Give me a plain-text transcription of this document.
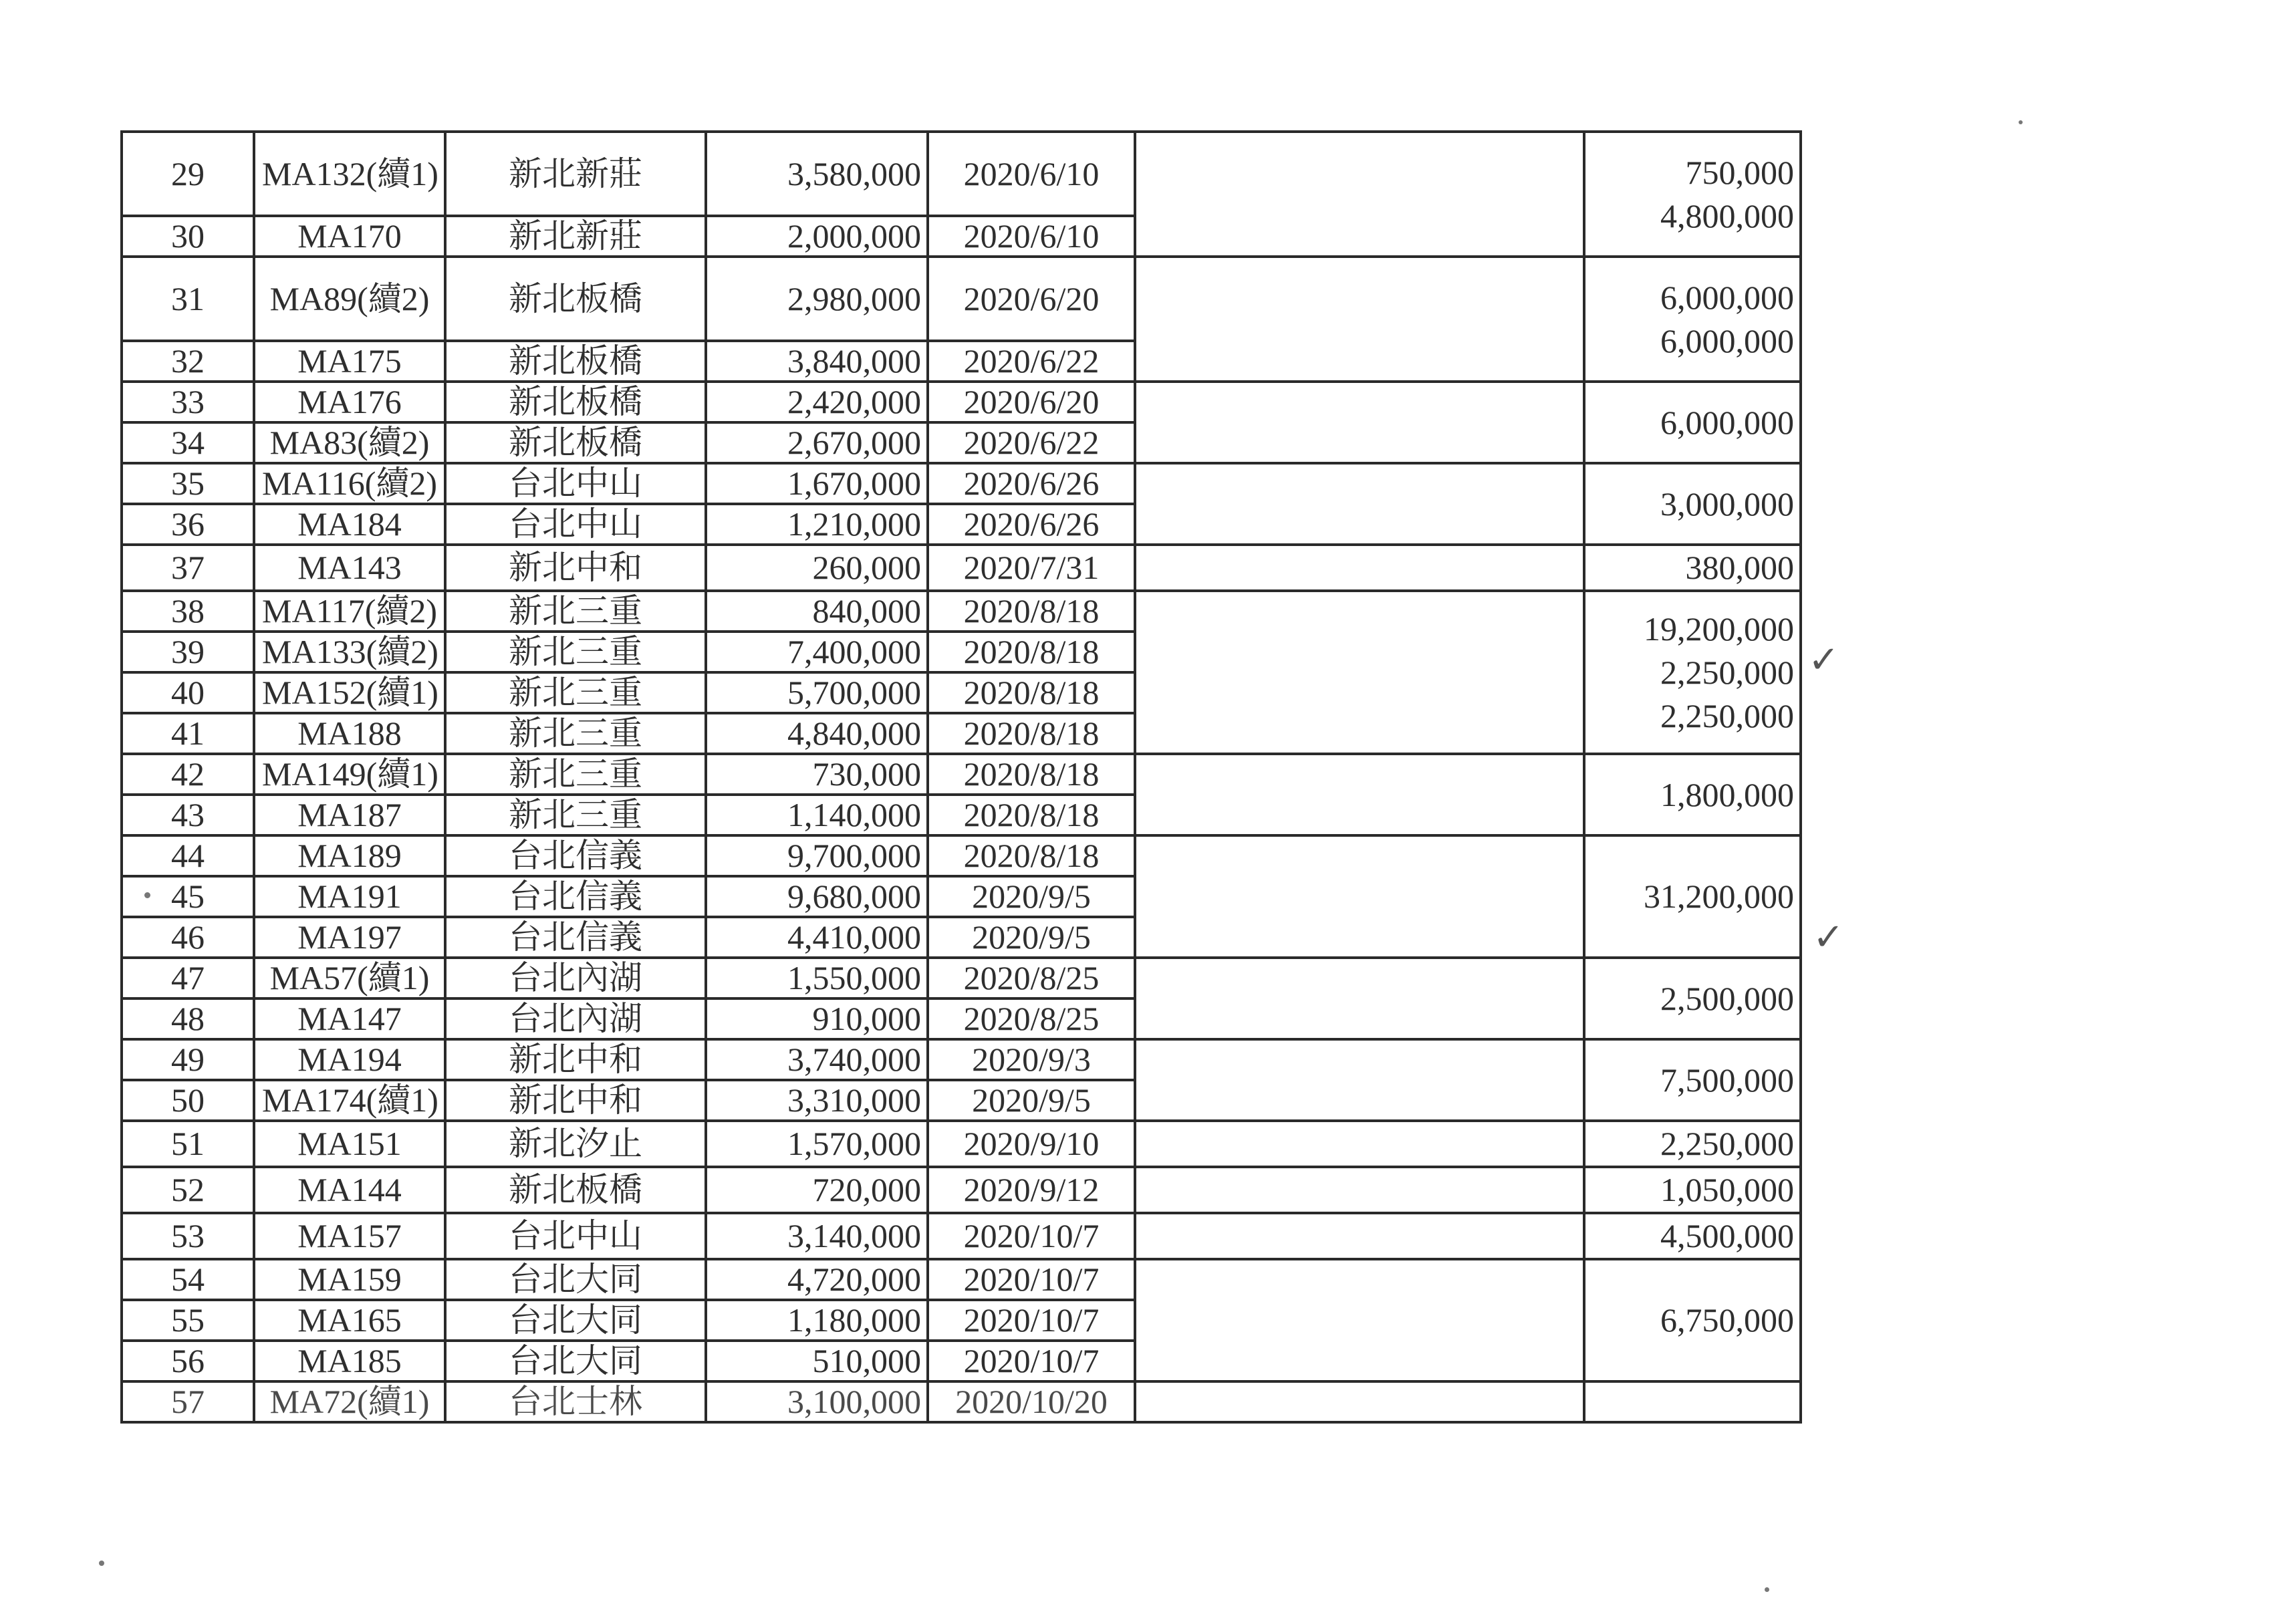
29	MA132(續1)	新北新莊	3,580,000	2020/6/10		750,000
4,800,000

30	MA170	新北新莊	2,000,000	2020/6/10		
31	MA89(續2)	新北板橋	2,980,000	2020/6/20		6,000,000
6,000,000

32	MA175	新北板橋	3,840,000	2020/6/22		
33	MA176	新北板橋	2,420,000	2020/6/20		6,000,000

34	MA83(續2)	新北板橋	2,670,000	2020/6/22		
35	MA116(續2)	台北中山	1,670,000	2020/6/26		3,000,000

36	MA184	台北中山	1,210,000	2020/6/26		
37	MA143	新北中和	260,000	2020/7/31		380,000

38	MA117(續2)	新北三重	840,000	2020/8/18		19,200,000
2,250,000
2,250,000

39	MA133(續2)	新北三重	7,400,000	2020/8/18		
40	MA152(續1)	新北三重	5,700,000	2020/8/18		
41	MA188	新北三重	4,840,000	2020/8/18		
42	MA149(續1)	新北三重	730,000	2020/8/18		1,800,000

43	MA187	新北三重	1,140,000	2020/8/18		
44	MA189	台北信義	9,700,000	2020/8/18		31,200,000

45	MA191	台北信義	9,680,000	2020/9/5		
46	MA197	台北信義	4,410,000	2020/9/5		
47	MA57(續1)	台北內湖	1,550,000	2020/8/25		2,500,000

48	MA147	台北內湖	910,000	2020/8/25		
49	MA194	新北中和	3,740,000	2020/9/3		7,500,000

50	MA174(續1)	新北中和	3,310,000	2020/9/5		
51	MA151	新北汐止	1,570,000	2020/9/10		2,250,000

52	MA144	新北板橋	720,000	2020/9/12		1,050,000

53	MA157	台北中山	3,140,000	2020/10/7		4,500,000

54	MA159	台北大同	4,720,000	2020/10/7		6,750,000

55	MA165	台北大同	1,180,000	2020/10/7		
56	MA185	台北大同	510,000	2020/10/7		
57	MA72(續1)	台北士林	3,100,000	2020/10/20		
✓
✓
